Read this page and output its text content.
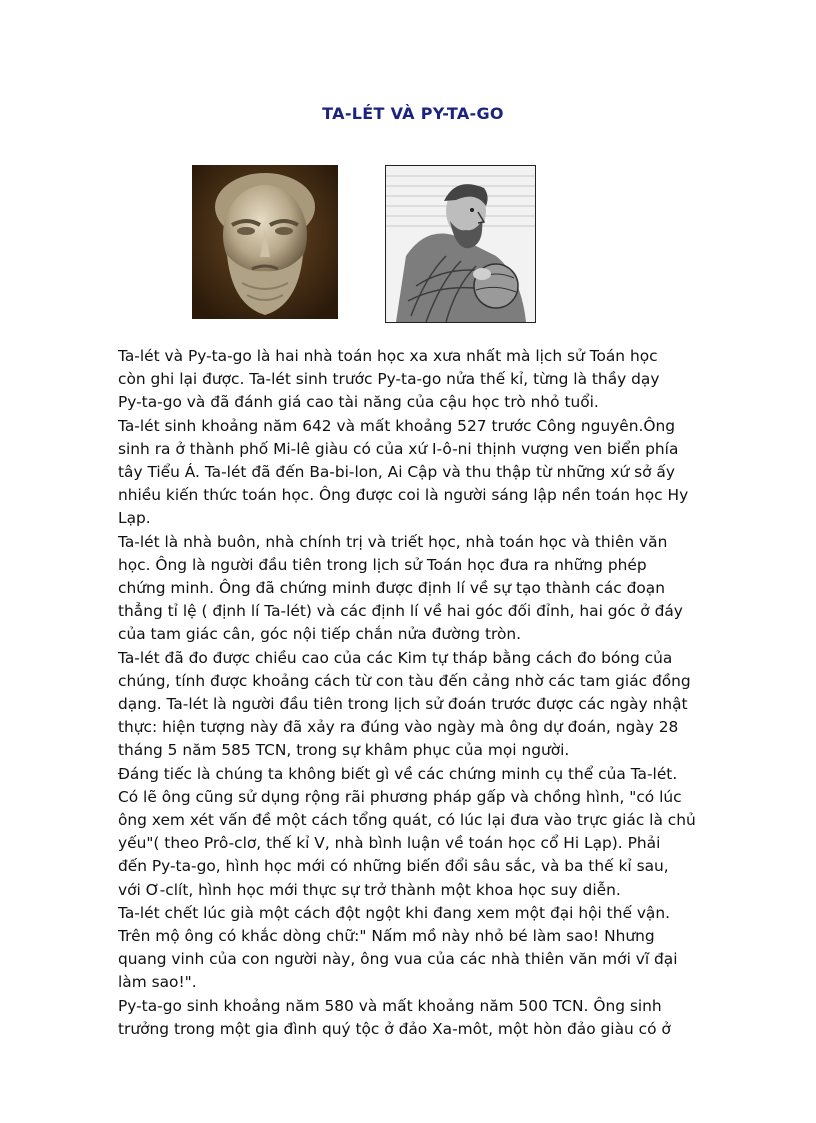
TA-LÉT VÀ PY-TA-GO

Ta-lét và Py-ta-go là hai nhà toán học xa xưa nhất mà lịch sử Toán học

còn ghi lại được. Ta-lét sinh trước Py-ta-go nửa thế kỉ, từng là thầy dạy

Py-ta-go và đã đánh giá cao tài năng của cậu học trò nhỏ tuổi.

Ta-lét sinh khoảng năm 642 và mất khoảng 527 trước Công nguyên.Ông

sinh ra ở thành phố Mi-lê giàu có của xứ I-ô-ni thịnh vượng ven biển phía

tây Tiểu Á. Ta-lét đã đến Ba-bi-lon, Ai Cập và thu thập từ những xứ sở ấy

nhiều kiến thức toán học. Ông được coi là người sáng lập nền toán học Hy

Lạp.

Ta-lét là nhà buôn, nhà chính trị và triết học, nhà toán học và thiên văn

học. Ông là người đầu tiên trong lịch sử Toán học đưa ra những phép

chứng minh. Ông đã chứng minh được định lí về sự tạo thành các đoạn

thẳng tỉ lệ ( định lí Ta-lét) và các định lí về hai góc đối đỉnh, hai góc ở đáy

của tam giác cân, góc nội tiếp chắn nửa đường tròn.

Ta-lét đã đo được chiều cao của các Kim tự tháp bằng cách đo bóng của

chúng, tính được khoảng cách từ con tàu đến cảng nhờ các tam giác đồng

dạng. Ta-lét là người đầu tiên trong lịch sử đoán trước được các ngày nhật

thực: hiện tượng này đã xảy ra đúng vào ngày mà ông dự đoán, ngày 28

tháng 5 năm 585 TCN, trong sự khâm phục của mọi người.

Đáng tiếc là chúng ta không biết gì về các chứng minh cụ thể của Ta-lét.

Có lẽ ông cũng sử dụng rộng rãi phương pháp gấp và chồng hình, "có lúc

ông xem xét vấn đề một cách tổng quát, có lúc lại đưa vào trực giác là chủ

yếu"( theo Prô-clơ, thế kỉ V, nhà bình luận về toán học cổ Hi Lạp). Phải

đến Py-ta-go, hình học mới có những biến đổi sâu sắc, và ba thế kỉ sau,

với Ơ-clít, hình học mới thực sự trở thành một khoa học suy diễn.

Ta-lét chết lúc già một cách đột ngột khi đang xem một đại hội thế vận.

Trên mộ ông có khắc dòng chữ:" Nấm mồ này nhỏ bé làm sao! Nhưng

quang vinh của con người này, ông vua của các nhà thiên văn mới vĩ đại

làm sao!".

Py-ta-go sinh khoảng năm 580 và mất khoảng năm 500 TCN. Ông sinh

trưởng trong một gia đình quý tộc ở đảo Xa-môt, một hòn đảo giàu có ở
